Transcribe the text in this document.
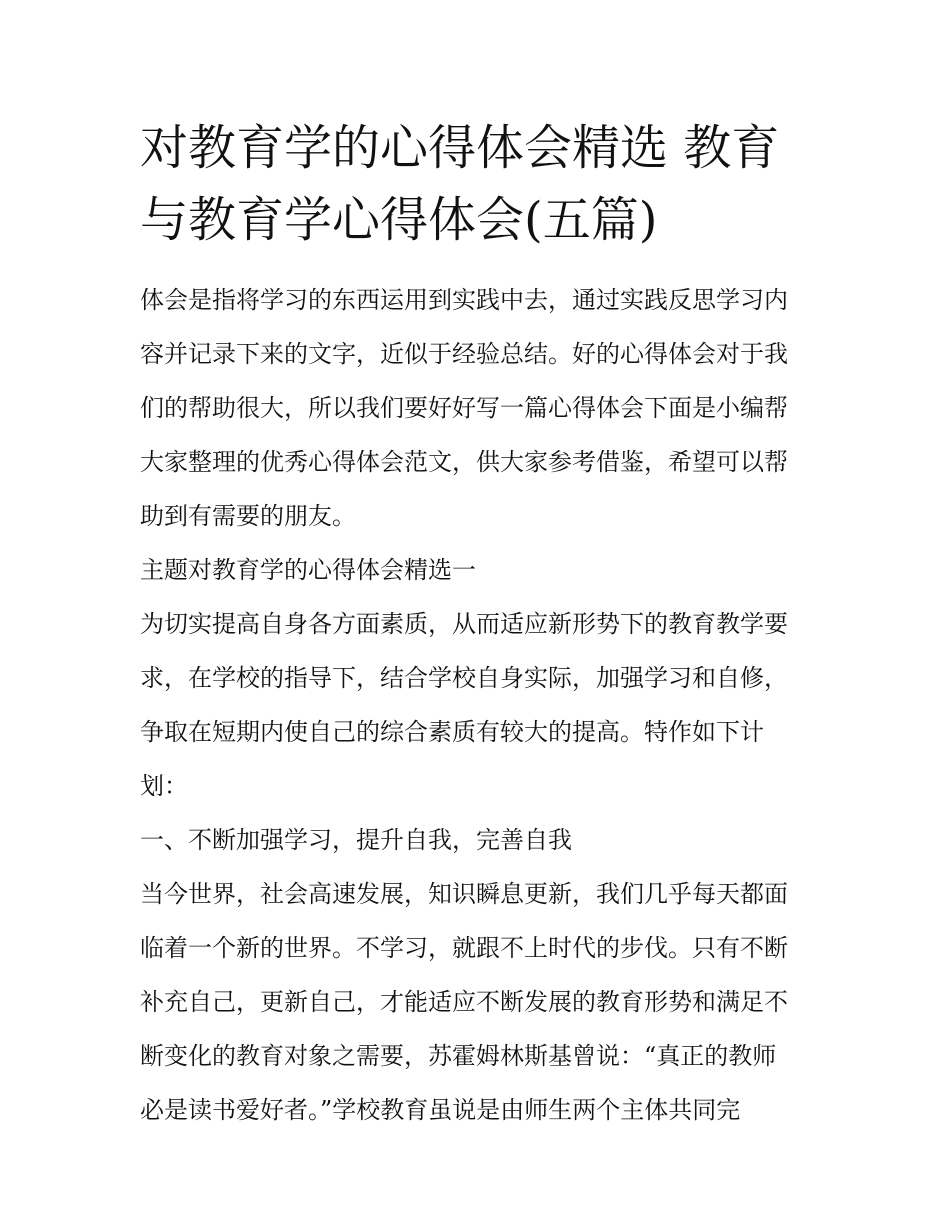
对教育学的心得体会精选 教育
与教育学心得体会(五篇)
体会是指将学习的东西运用到实践中去，通过实践反思学习内
容并记录下来的文字，近似于经验总结。好的心得体会对于我
们的帮助很大，所以我们要好好写一篇心得体会下面是小编帮
大家整理的优秀心得体会范文，供大家参考借鉴，希望可以帮
助到有需要的朋友。
主题对教育学的心得体会精选一
为切实提高自身各方面素质，从而适应新形势下的教育教学要
求，在学校的指导下，结合学校自身实际，加强学习和自修，
争取在短期内使自己的综合素质有较大的提高。特作如下计
划：
一、不断加强学习，提升自我，完善自我
当今世界，社会高速发展，知识瞬息更新，我们几乎每天都面
临着一个新的世界。不学习，就跟不上时代的步伐。只有不断
补充自己，更新自己，才能适应不断发展的教育形势和满足不
断变化的教育对象之需要，苏霍姆林斯基曾说：“真正的教师
必是读书爱好者。”学校教育虽说是由师生两个主体共同完
